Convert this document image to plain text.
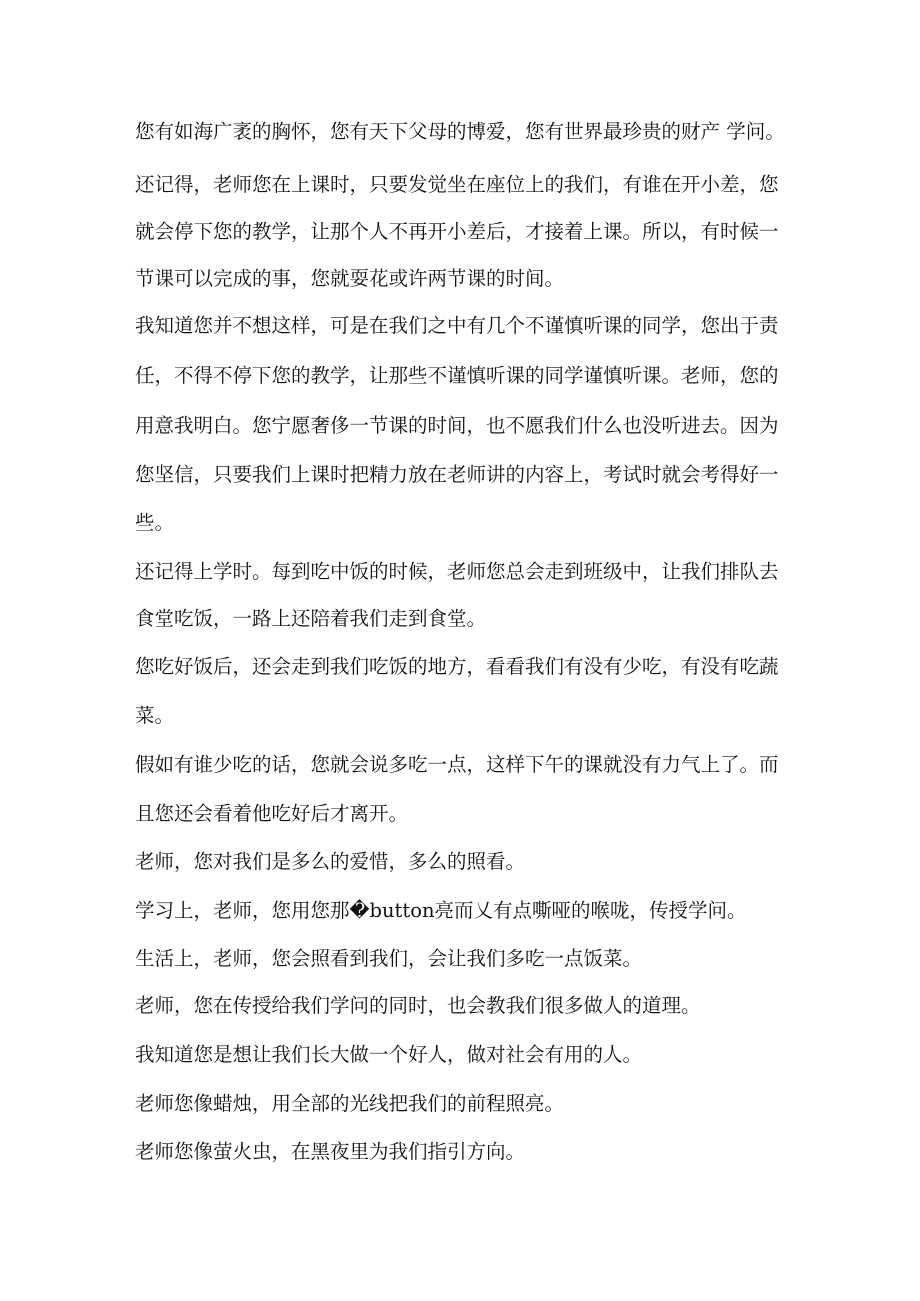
您有如海广袤的胸怀，您有天下父母的博爱，您有世界最珍贵的财产 学问。

还记得，老师您在上课时，只要发觉坐在座位上的我们，有谁在开小差，您

就会停下您的教学，让那个人不再开小差后，才接着上课。所以，有时候一

节课可以完成的事，您就耍花或许两节课的时间。

我知道您并不想这样，可是在我们之中有几个不谨慎听课的同学，您出于责

任，不得不停下您的教学，让那些不谨慎听课的同学谨慎听课。老师，您的

用意我明白。您宁愿奢侈一节课的时间，也不愿我们什么也没听进去。因为

您坚信，只要我们上课时把精力放在老师讲的内容上，考试时就会考得好一

些。

还记得上学时。每到吃中饭的时候，老师您总会走到班级中，让我们排队去

食堂吃饭，一路上还陪着我们走到食堂。

您吃好饭后，还会走到我们吃饭的地方，看看我们有没有少吃，有没有吃蔬

菜。

假如有谁少吃的话，您就会说多吃一点，这样下午的课就没有力气上了。而

且您还会看着他吃好后才离开。

老师，您对我们是多么的爱惜，多么的照看。

学习上，老师，您用您那�button亮而乂有点嘶哑的喉咙，传授学问。

生活上，老师，您会照看到我们，会让我们多吃一点饭菜。

老师，您在传授给我们学问的同时，也会教我们很多做人的道理。

我知道您是想让我们长大做一个好人，做对社会有用的人。

老师您像蜡烛，用全部的光线把我们的前程照亮。

老师您像萤火虫，在黑夜里为我们指引方向。
